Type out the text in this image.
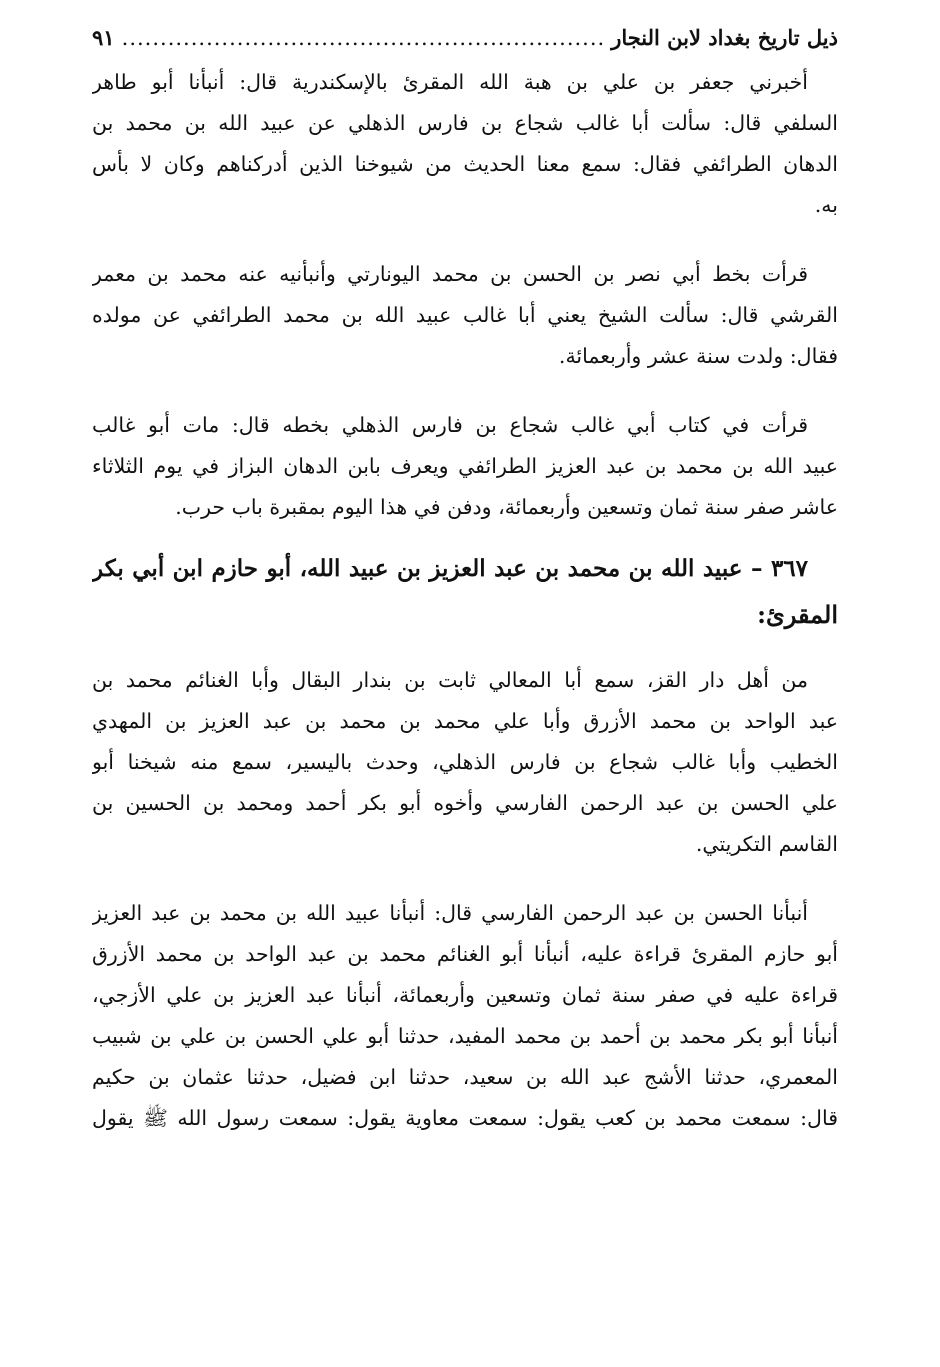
ذيل تاريخ بغداد لابن النجار
.....
٩١

أخبرني جعفر بن علي بن هبة الله المقرئ بالإسكندرية قال: أنبأنا أبو طاهر
السلفي قال: سألت أبا غالب شجاع بن فارس الذهلي عن عبيد الله بن محمد بن
الدهان الطرائفي فقال: سمع معنا الحديث من شيوخنا الذين أدركناهم وكان لا بأس
به.

قرأت بخط أبي نصر بن الحسن بن محمد اليونارتي وأنبأنيه عنه محمد بن معمر
القرشي قال: سألت الشيخ يعني أبا غالب عبيد الله بن محمد الطرائفي عن مولده
فقال: ولدت سنة عشر وأربعمائة.

قرأت في كتاب أبي غالب شجاع بن فارس الذهلي بخطه قال: مات أبو غالب
عبيد الله بن محمد بن عبد العزيز الطرائفي ويعرف بابن الدهان البزاز في يوم الثلاثاء
عاشر صفر سنة ثمان وتسعين وأربعمائة، ودفن في هذا اليوم بمقبرة باب حرب.

٣٦٧ – عبيد الله بن محمد بن عبد العزيز بن عبيد الله، أبو حازم ابن أبي بكر
المقرئ:

من أهل دار القز، سمع أبا المعالي ثابت بن بندار البقال وأبا الغنائم محمد بن
عبد الواحد بن محمد الأزرق وأبا علي محمد بن محمد بن عبد العزيز بن المهدي
الخطيب وأبا غالب شجاع بن فارس الذهلي، وحدث باليسير، سمع منه شيخنا أبو
علي الحسن بن عبد الرحمن الفارسي وأخوه أبو بكر أحمد ومحمد بن الحسين بن
القاسم التكريتي.

أنبأنا الحسن بن عبد الرحمن الفارسي قال: أنبأنا عبيد الله بن محمد بن عبد العزيز
أبو حازم المقرئ قراءة عليه، أنبأنا أبو الغنائم محمد بن عبد الواحد بن محمد الأزرق
قراءة عليه في صفر سنة ثمان وتسعين وأربعمائة، أنبأنا عبد العزيز بن علي الأزجي،
أنبأنا أبو بكر محمد بن أحمد بن محمد المفيد، حدثنا أبو علي الحسن بن علي بن شبيب
المعمري، حدثنا الأشج عبد الله بن سعيد، حدثنا ابن فضيل، حدثنا عثمان بن حكيم
قال: سمعت محمد بن كعب يقول: سمعت معاوية يقول: سمعت رسول الله ﷺ يقول
